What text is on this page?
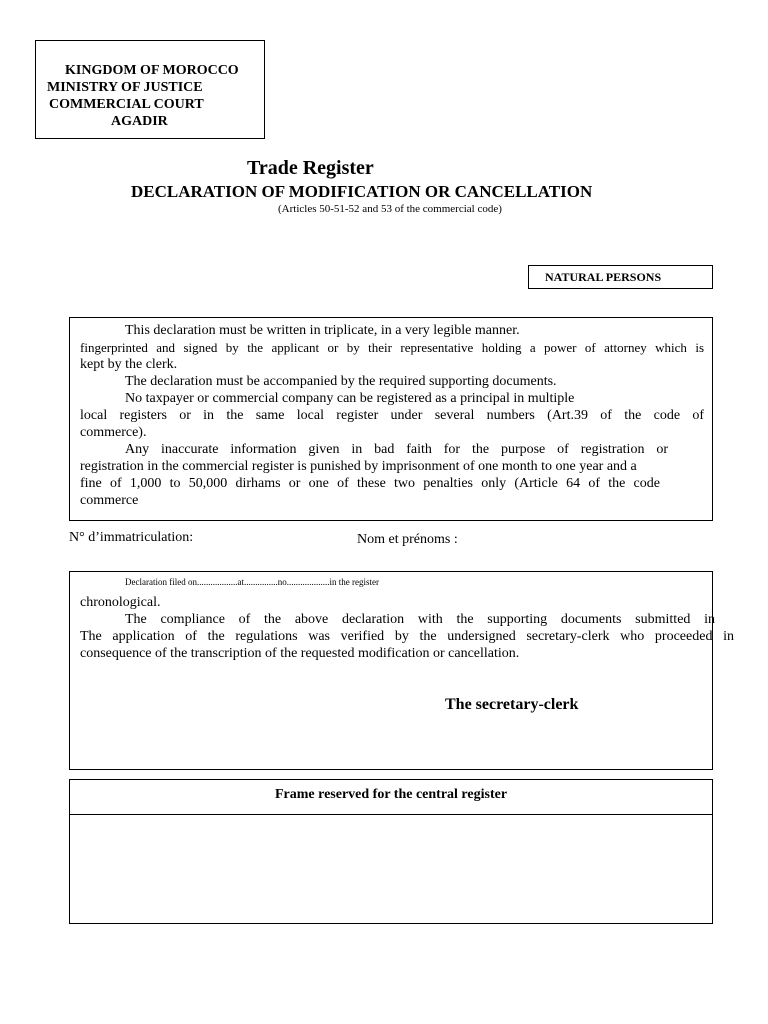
KINGDOM OF MOROCCO
MINISTRY OF JUSTICE
COMMERCIAL COURT
AGADIR
Trade Register
DECLARATION OF MODIFICATION OR CANCELLATION
(Articles 50-51-52 and 53 of the commercial code)
NATURAL PERSONS
This declaration must be written in triplicate, in a very legible manner.
fingerprinted and signed by the applicant or by their representative holding a power of attorney which is
kept by the clerk.
The declaration must be accompanied by the required supporting documents.
No taxpayer or commercial company can be registered as a principal in multiple
local registers or in the same local register under several numbers (Art.39 of the code of
commerce).
Any inaccurate information given in bad faith for the purpose of registration or
registration in the commercial register is punished by imprisonment of one month to one year and a
fine of 1,000 to 50,000 dirhams or one of these two penalties only (Article 64 of the code
commerce
N° d’immatriculation:	Nom et prénoms :
Declaration filed on..................at...............no...................in the register
chronological.
The compliance of the above declaration with the supporting documents submitted in
The application of the regulations was verified by the undersigned secretary-clerk who proceeded in
consequence of the transcription of the requested modification or cancellation.
The secretary-clerk
Frame reserved for the central register
